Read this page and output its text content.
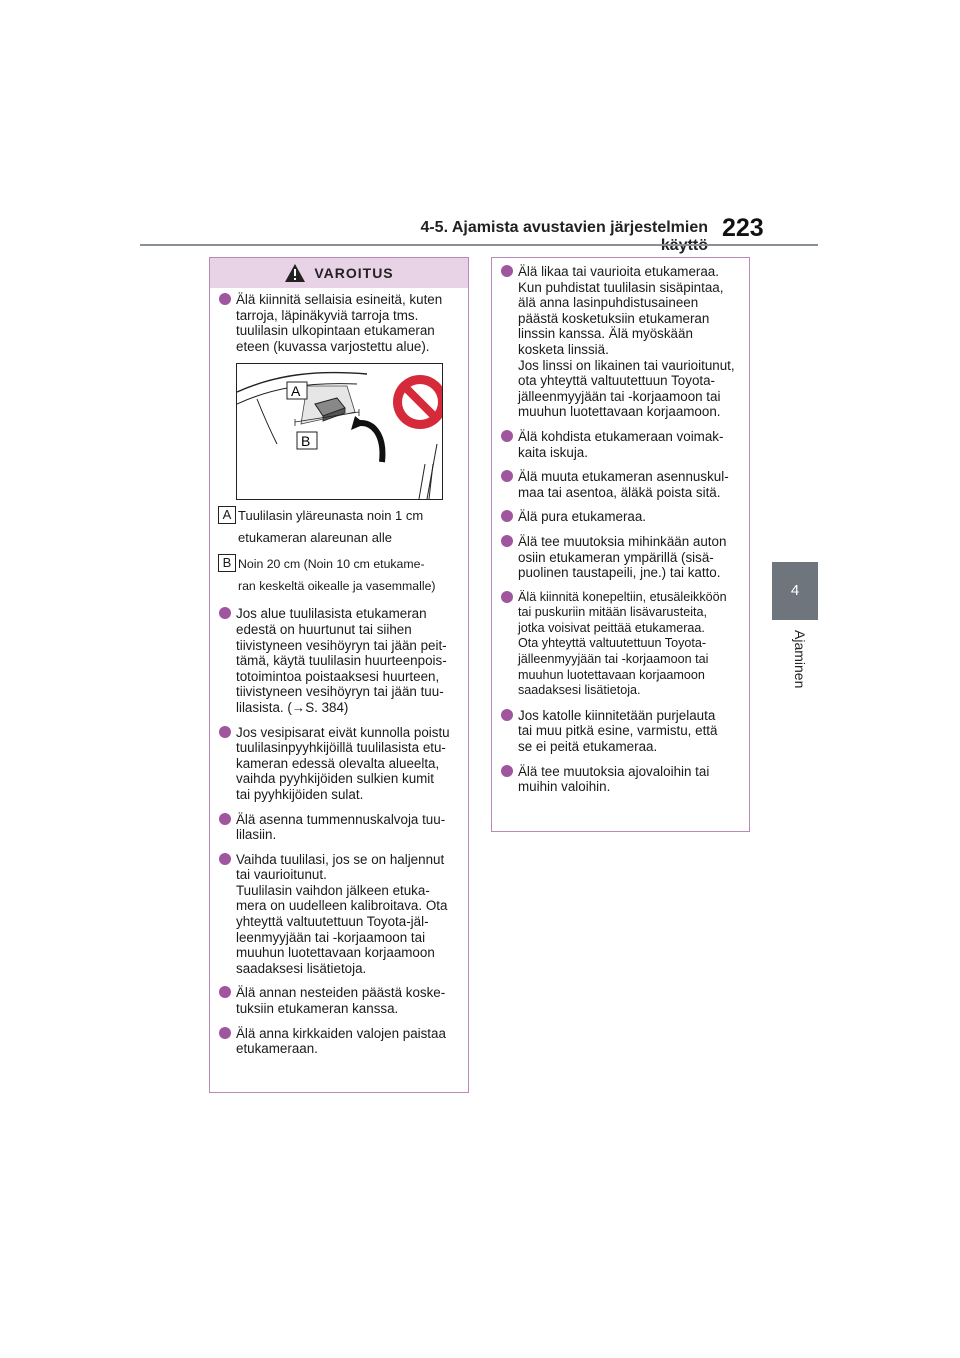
4-5. Ajamista avustavien järjestelmien 223
4
Ajaminen
VAROITUS
Älä kiinnitä sellaisia esineitä, kuten
tarroja, läpinäkyviä tarroja tms.
tuulilasin ulkopintaan etukameran
eteen (kuvassa varjostettu alue).
A
B
A Tuulilasin yläreunasta noin 1 cm
etukameran alareunan alle
B Noin 20 cm (Noin 10 cm etukame-
ran keskeltä oikealle ja vasemmalle)
Jos alue tuulilasista etukameran
edestä on huurtunut tai siihen
tiivistyneen vesihöyryn tai jään peit-
tämä, käytä tuulilasin huurteenpois-
totoimintoa poistaaksesi huurteen,
tiivistyneen vesihöyryn tai jään tuu-
lilasista. (→S. 384)
Jos vesipisarat eivät kunnolla poistu
tuulilasinpyyhkijöillä tuulilasista etu-
kameran edessä olevalta alueelta,
vaihda pyyhkijöiden sulkien kumit
tai pyyhkijöiden sulat.
Älä asenna tummennuskalvoja tuu-
lilasiin.
Vaihda tuulilasi, jos se on haljennut
tai vaurioitunut.
Tuulilasin vaihdon jälkeen etuka-
mera on uudelleen kalibroitava. Ota
yhteyttä valtuutettuun Toyota-jäl-
leenmyyjään tai -korjaamoon tai
muuhun luotettavaan korjaamoon
saadaksesi lisätietoja.
Älä annan nesteiden päästä koske-
tuksiin etukameran kanssa.
Älä anna kirkkaiden valojen paistaa
etukameraan.
Älä likaa tai vaurioita etukameraa.
Kun puhdistat tuulilasin sisäpintaa,
älä anna lasinpuhdistusaineen
päästä kosketuksiin etukameran
linssin kanssa. Älä myöskään
kosketa linssiä.
Jos linssi on likainen tai vaurioitunut,
ota yhteyttä valtuutettuun Toyota-
jälleenmyyjään tai -korjaamoon tai
muuhun luotettavaan korjaamoon.
Älä kohdista etukameraan voimak-
kaita iskuja.
Älä muuta etukameran asennuskul-
maa tai asentoa, äläkä poista sitä.
Älä pura etukameraa.
Älä tee muutoksia mihinkään auton
osiin etukameran ympärillä (sisä-
puolinen taustapeili, jne.) tai katto.
Älä kiinnitä konepeltiin, etusäleikköön
tai puskuriin mitään lisävarusteita,
jotka voisivat peittää etukameraa.
Ota yhteyttä valtuutettuun Toyota-
jälleenmyyjään tai -korjaamoon tai
muuhun luotettavaan korjaamoon
saadaksesi lisätietoja.
Jos katolle kiinnitetään purjelauta
tai muu pitkä esine, varmistu, että
se ei peitä etukameraa.
Älä tee muutoksia ajovaloihin tai
muihin valoihin.
